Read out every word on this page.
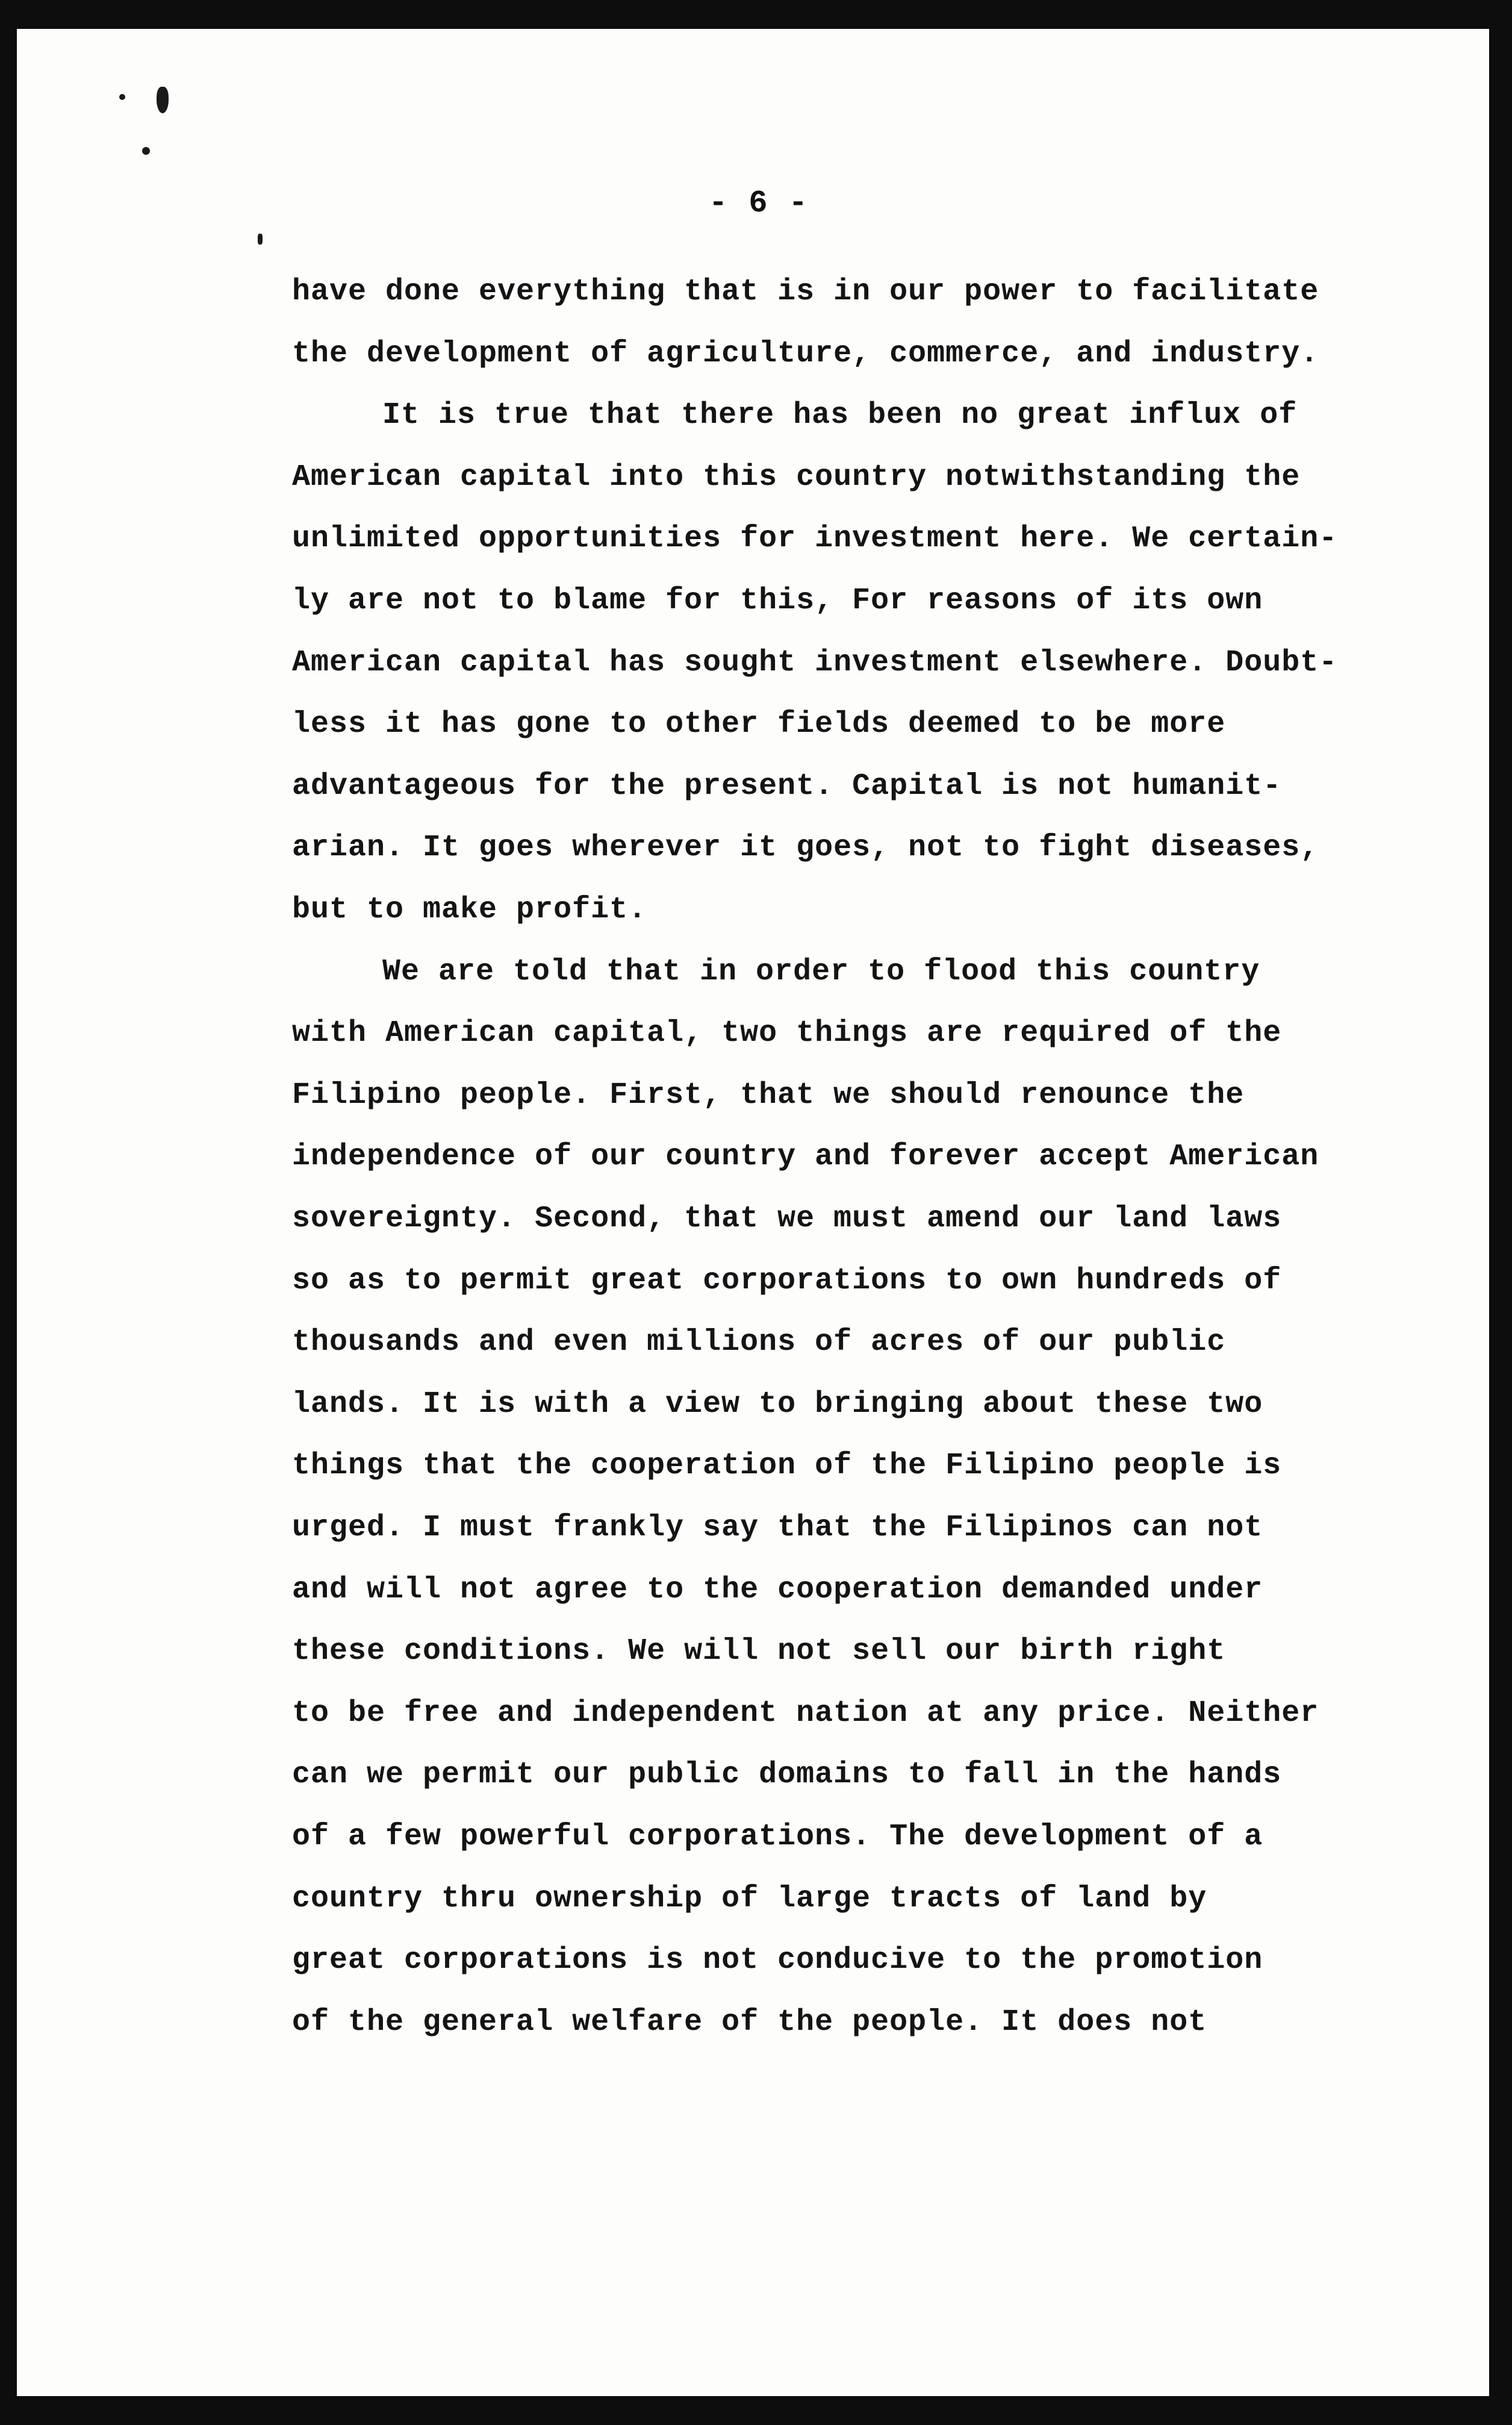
- 6 -
have done everything that is in our power to facilitate
the development of agriculture, commerce, and industry.
It is true that there has been no great influx of
American capital into this country notwithstanding the
unlimited opportunities for investment here. We certain-
ly are not to blame for this, For reasons of its own
American capital has sought investment elsewhere. Doubt-
less it has gone to other fields deemed to be more
advantageous for the present. Capital is not humanit-
arian. It goes wherever it goes, not to fight diseases,
but to make profit.
We are told that in order to flood this country
with American capital, two things are required of the
Filipino people. First, that we should renounce the
independence of our country and forever accept American
sovereignty. Second, that we must amend our land laws
so as to permit great corporations to own hundreds of
thousands and even millions of acres of our public
lands. It is with a view to bringing about these two
things that the cooperation of the Filipino people is
urged. I must frankly say that the Filipinos can not
and will not agree to the cooperation demanded under
these conditions. We will not sell our birth right
to be free and independent nation at any price. Neither
can we permit our public domains to fall in the hands
of a few powerful corporations. The development of a
country thru ownership of large tracts of land by
great corporations is not conducive to the promotion
of the general welfare of the people. It does not
